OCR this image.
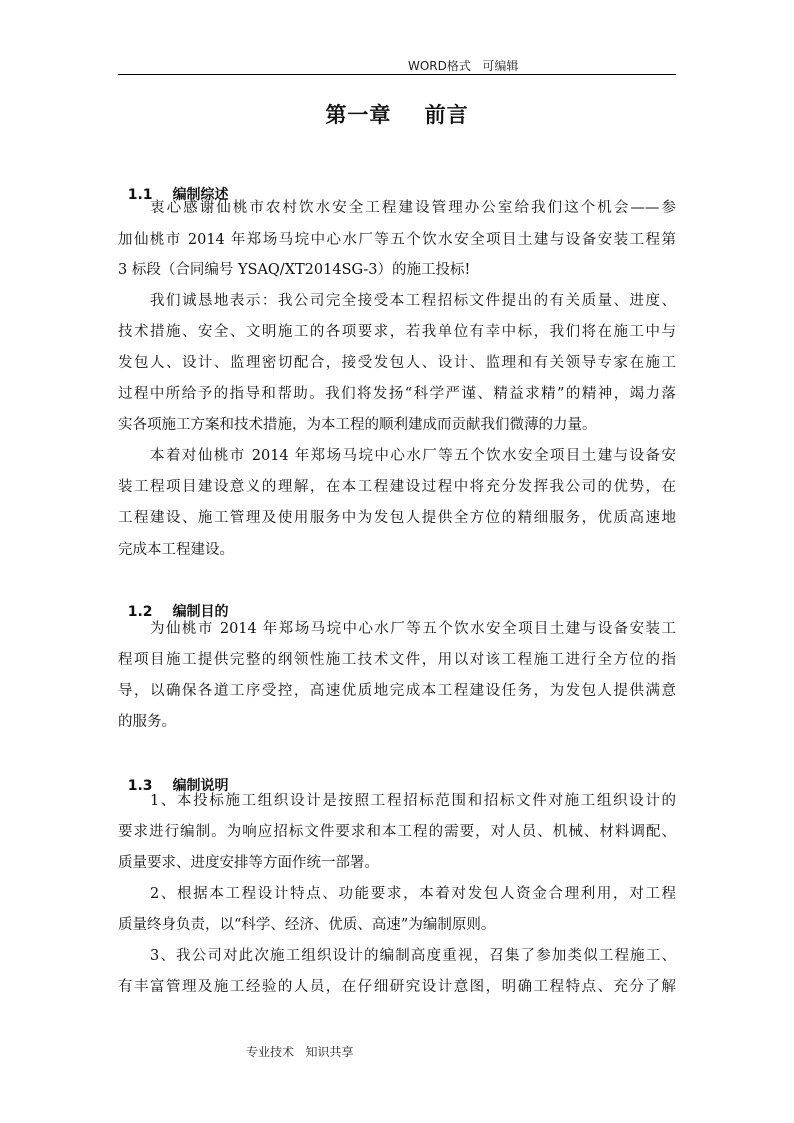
WORD格式   可编辑
第一章    前言

1.1 编制综述

衷心感谢仙桃市农村饮水安全工程建设管理办公室给我们这个机会——参
加仙桃市 2014 年郑场马垸中心水厂等五个饮水安全项目土建与设备安装工程第
3 标段（合同编号 YSAQ/XT2014SG-3）的施工投标!
我们诚恳地表示：我公司完全接受本工程招标文件提出的有关质量、进度、
技术措施、安全、文明施工的各项要求，若我单位有幸中标，我们将在施工中与
发包人、设计、监理密切配合，接受发包人、设计、监理和有关领导专家在施工
过程中所给予的指导和帮助。我们将发扬“科学严谨、精益求精”的精神，竭力落
实各项施工方案和技术措施，为本工程的顺利建成而贡献我们微薄的力量。
本着对仙桃市 2014 年郑场马垸中心水厂等五个饮水安全项目土建与设备安
装工程项目建设意义的理解，在本工程建设过程中将充分发挥我公司的优势，在
工程建设、施工管理及使用服务中为发包人提供全方位的精细服务，优质高速地
完成本工程建设。

1.2 编制目的

为仙桃市 2014 年郑场马垸中心水厂等五个饮水安全项目土建与设备安装工
程项目施工提供完整的纲领性施工技术文件，用以对该工程施工进行全方位的指
导，以确保各道工序受控，高速优质地完成本工程建设任务，为发包人提供满意
的服务。

1.3 编制说明

1、本投标施工组织设计是按照工程招标范围和招标文件对施工组织设计的
要求进行编制。为响应招标文件要求和本工程的需要，对人员、机械、材料调配、
质量要求、进度安排等方面作统一部署。
2、根据本工程设计特点、功能要求，本着对发包人资金合理利用，对工程
质量终身负责，以“科学、经济、优质、高速”为编制原则。
3、我公司对此次施工组织设计的编制高度重视，召集了参加类似工程施工、
有丰富管理及施工经验的人员，在仔细研究设计意图，明确工程特点、充分了解
专业技术   知识共享
